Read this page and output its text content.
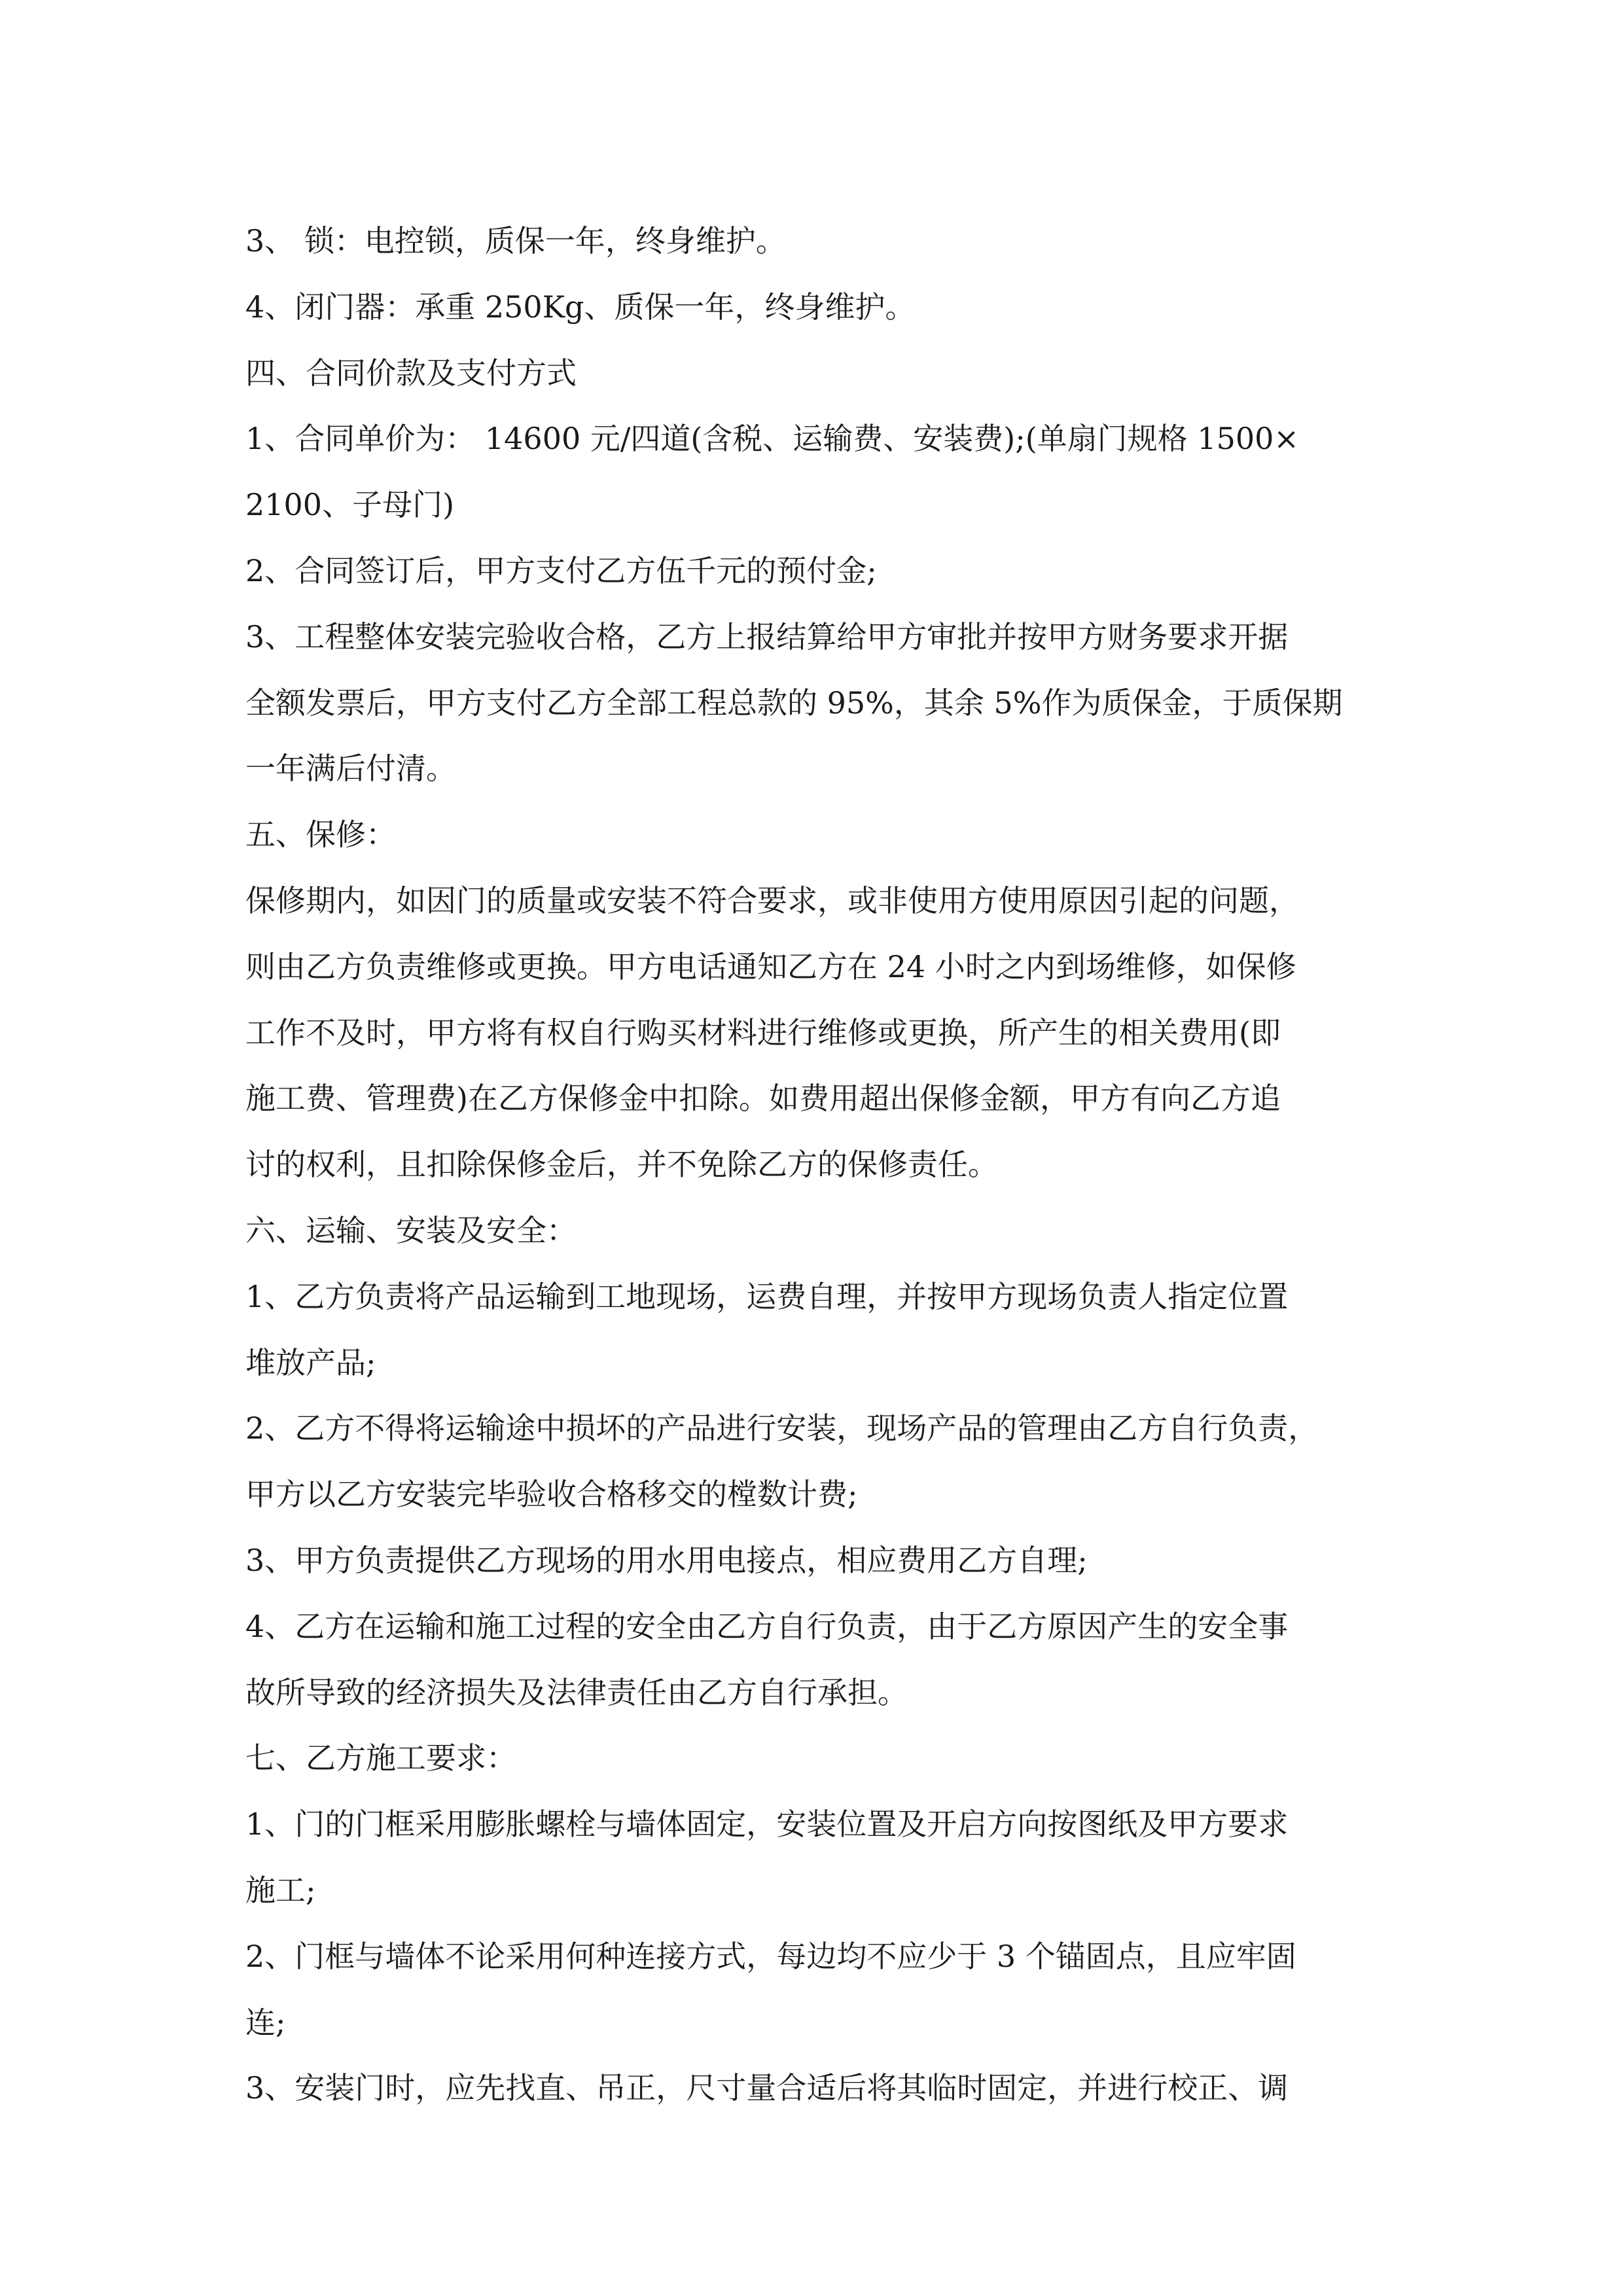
3、 锁：电控锁，质保一年，终身维护。
4、闭门器：承重 250Kg、质保一年，终身维护。
四、合同价款及支付方式
1、合同单价为： 14600 元/四道(含税、运输费、安装费);(单扇门规格 1500×
2100、子母门)
2、合同签订后，甲方支付乙方伍千元的预付金;
3、工程整体安装完验收合格，乙方上报结算给甲方审批并按甲方财务要求开据
全额发票后，甲方支付乙方全部工程总款的 95%，其余 5%作为质保金，于质保期
一年满后付清。
五、保修：
保修期内，如因门的质量或安装不符合要求，或非使用方使用原因引起的问题，
则由乙方负责维修或更换。甲方电话通知乙方在 24 小时之内到场维修，如保修
工作不及时，甲方将有权自行购买材料进行维修或更换，所产生的相关费用(即
施工费、管理费)在乙方保修金中扣除。如费用超出保修金额，甲方有向乙方追
讨的权利，且扣除保修金后，并不免除乙方的保修责任。
六、运输、安装及安全：
1、乙方负责将产品运输到工地现场，运费自理，并按甲方现场负责人指定位置
堆放产品;
2、乙方不得将运输途中损坏的产品进行安装，现场产品的管理由乙方自行负责，
甲方以乙方安装完毕验收合格移交的樘数计费;
3、甲方负责提供乙方现场的用水用电接点，相应费用乙方自理;
4、乙方在运输和施工过程的安全由乙方自行负责，由于乙方原因产生的安全事
故所导致的经济损失及法律责任由乙方自行承担。
七、乙方施工要求：
1、门的门框采用膨胀螺栓与墙体固定，安装位置及开启方向按图纸及甲方要求
施工;
2、门框与墙体不论采用何种连接方式，每边均不应少于 3 个锚固点，且应牢固
连;
3、安装门时，应先找直、吊正，尺寸量合适后将其临时固定，并进行校正、调
